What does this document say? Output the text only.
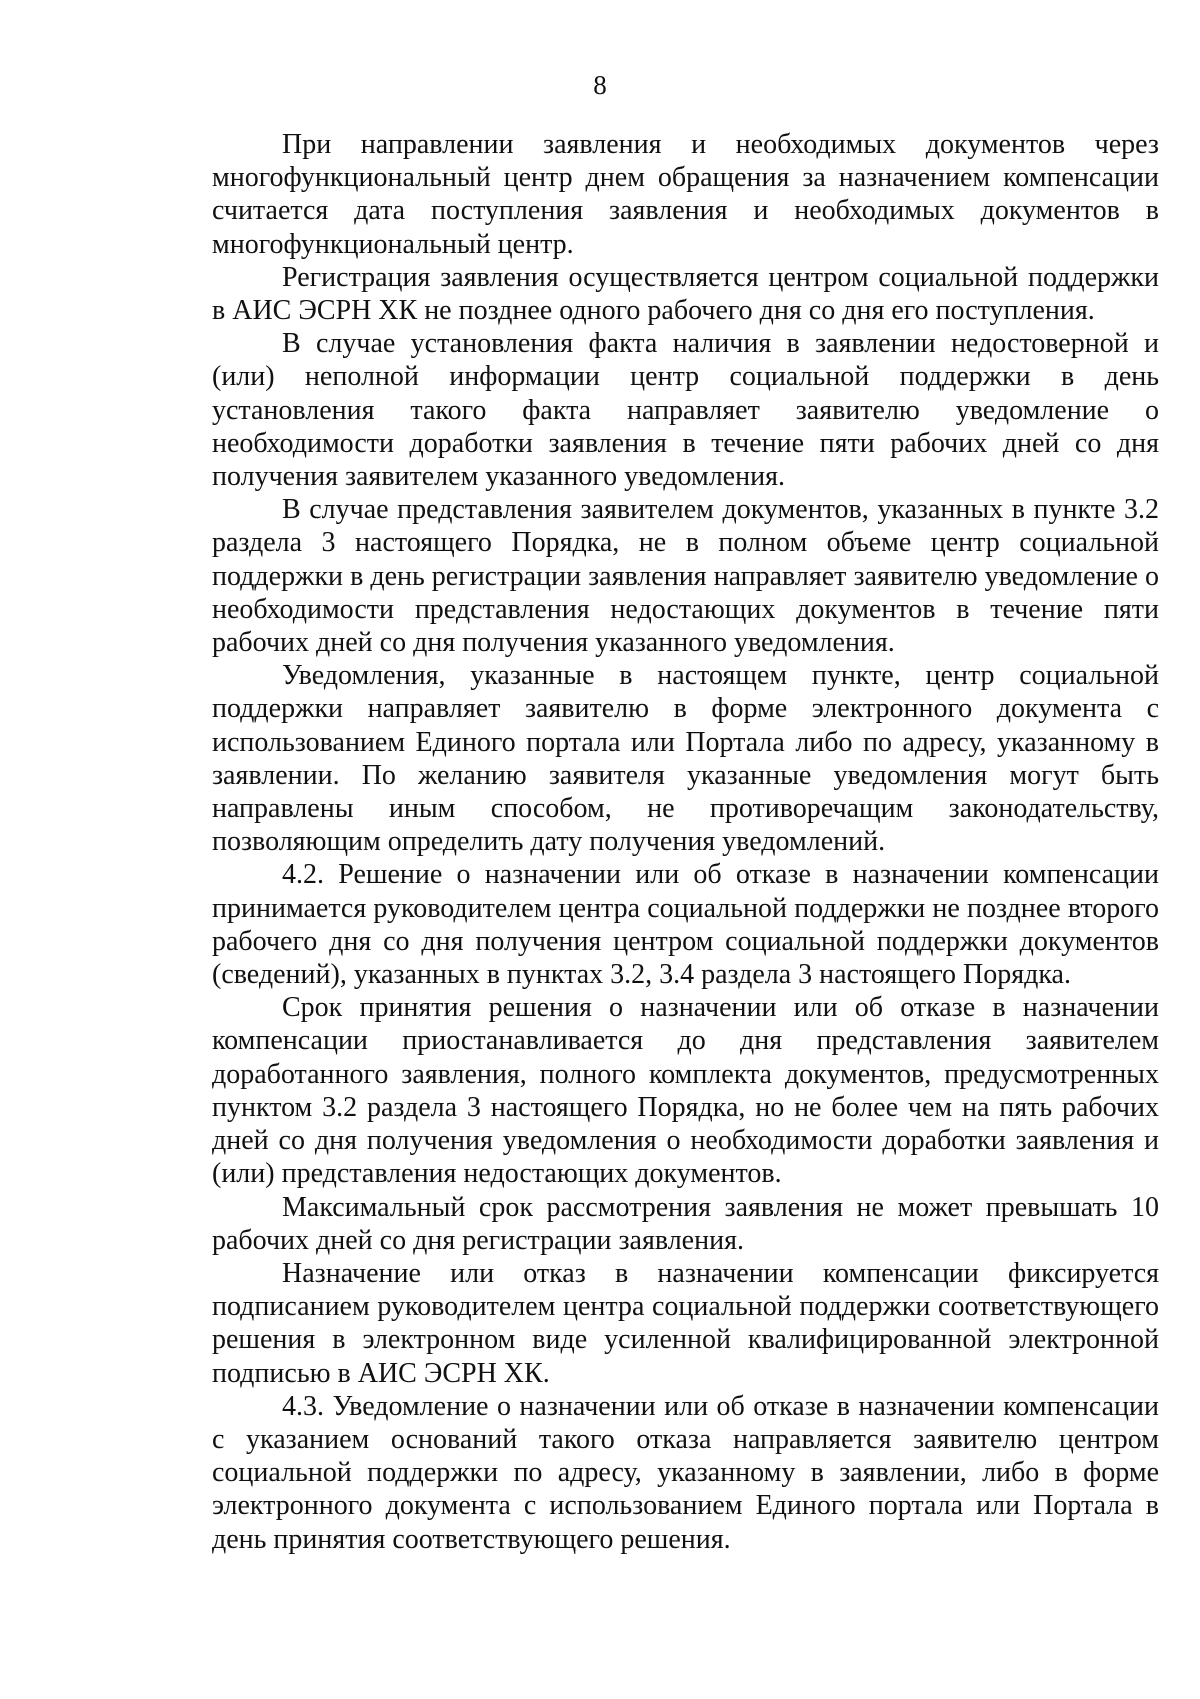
8

При направлении заявления и необходимых документов через многофункциональный центр днем обращения за назначением компенсации считается дата поступления заявления и необходимых документов в многофункциональный центр.

Регистрация заявления осуществляется центром социальной поддержки в АИС ЭСРН ХК не позднее одного рабочего дня со дня его поступления.

В случае установления факта наличия в заявлении недостоверной и (или) неполной информации центр социальной поддержки в день установления такого факта направляет заявителю уведомление о необходимости доработки заявления в течение пяти рабочих дней со дня получения заявителем указанного уведомления.

В случае представления заявителем документов, указанных в пункте 3.2 раздела 3 настоящего Порядка, не в полном объеме центр социальной поддержки в день регистрации заявления направляет заявителю уведомление о необходимости представления недостающих документов в течение пяти рабочих дней со дня получения указанного уведомления.

Уведомления, указанные в настоящем пункте, центр социальной поддержки направляет заявителю в форме электронного документа с использованием Единого портала или Портала либо по адресу, указанному в заявлении. По желанию заявителя указанные уведомления могут быть направлены иным способом, не противоречащим законодательству, позволяющим определить дату получения уведомлений.

4.2. Решение о назначении или об отказе в назначении компенсации принимается руководителем центра социальной поддержки не позднее второго рабочего дня со дня получения центром социальной поддержки документов (сведений), указанных в пунктах 3.2, 3.4 раздела 3 настоящего Порядка.

Срок принятия решения о назначении или об отказе в назначении компенсации приостанавливается до дня представления заявителем доработанного заявления, полного комплекта документов, предусмотренных пунктом 3.2 раздела 3 настоящего Порядка, но не более чем на пять рабочих дней со дня получения уведомления о необходимости доработки заявления и (или) представления недостающих документов.

Максимальный срок рассмотрения заявления не может превышать 10 рабочих дней со дня регистрации заявления.

Назначение или отказ в назначении компенсации фиксируется подписанием руководителем центра социальной поддержки соответствующего решения в электронном виде усиленной квалифицированной электронной подписью в АИС ЭСРН ХК.

4.3. Уведомление о назначении или об отказе в назначении компенсации с указанием оснований такого отказа направляется заявителю центром социальной поддержки по адресу, указанному в заявлении, либо в форме электронного документа с использованием Единого портала или Портала в день принятия соответствующего решения.
